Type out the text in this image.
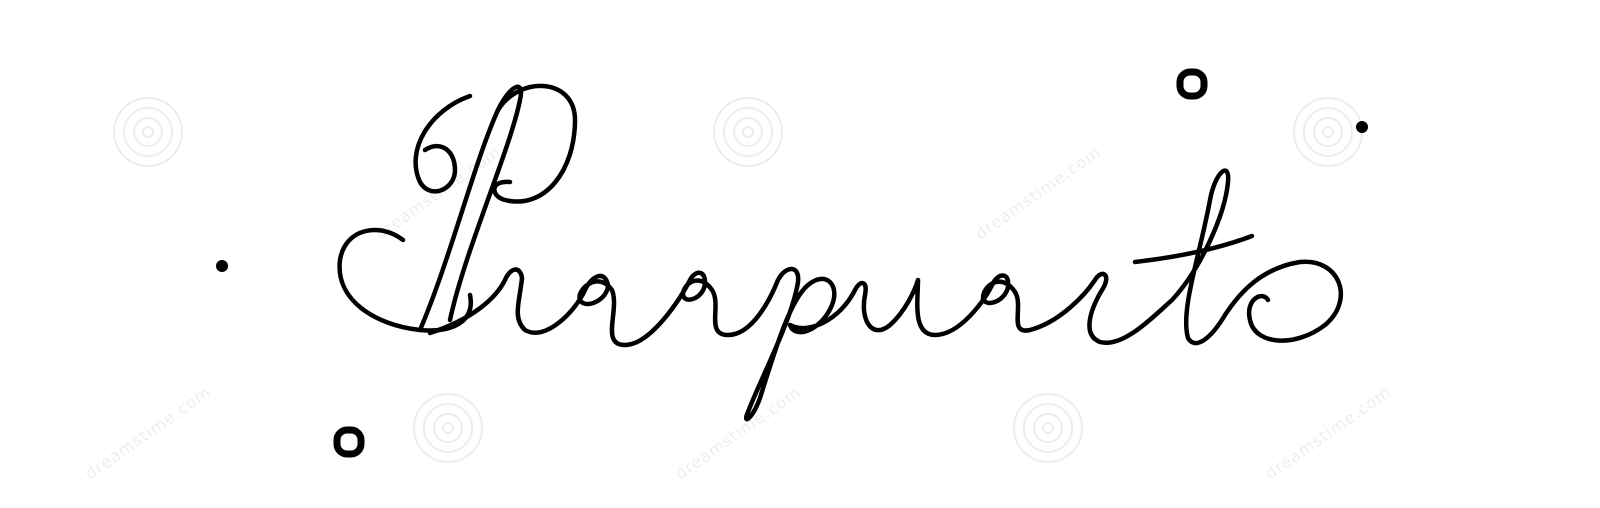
dreamstime.com	dreamstime.com
dreamstime.com	dreamstime.com	dreamstime.com
